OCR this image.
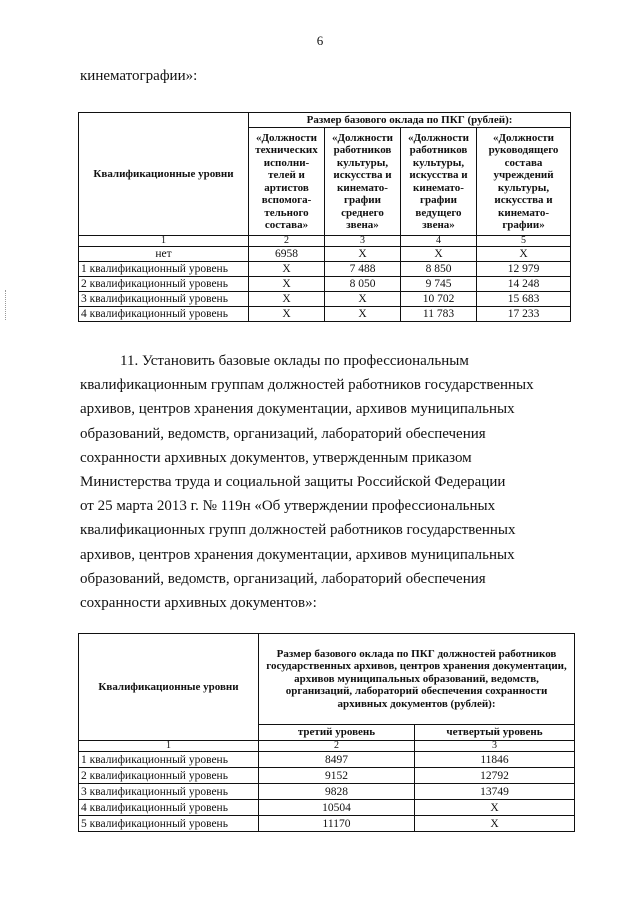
6
кинематографии»:
Квалификационные уровни	Размер базового оклада по ПКГ (рублей):			
	«Должности технических исполни-телей и артистов вспомога-тельного состава»	«Должности работников культуры, искусства и кинемато-графии среднего звена»	«Должности работников культуры, искусства и кинемато-графии ведущего звена»	«Должности руководящего состава учреждений культуры, искусства и кинемато-графии»
1	2	3	4	5
нет	6958	Х	Х	Х
1 квалификационный уровень	Х	7 488	8 850	12 979
2 квалификационный уровень	Х	8 050	9 745	14 248
3 квалификационный уровень	Х	Х	10 702	15 683
4 квалификационный уровень	Х	Х	11 783	17 233
11. Установить базовые оклады по профессиональным
квалификационным группам должностей работников государственных
архивов, центров хранения документации, архивов муниципальных
образований, ведомств, организаций, лабораторий обеспечения
сохранности архивных документов, утвержденным приказом
Министерства труда и социальной защиты Российской Федерации
от 25 марта 2013 г. № 119н «Об утверждении профессиональных
квалификационных групп должностей работников государственных
архивов, центров хранения документации, архивов муниципальных
образований, ведомств, организаций, лабораторий обеспечения
сохранности архивных документов»:
Квалификационные уровни	Размер базового оклада по ПКГ должностей работников государственных архивов, центров хранения документации, архивов муниципальных образований, ведомств, организаций, лабораторий обеспечения сохранности архивных документов (рублей):	
	третий уровень	четвертый уровень
1	2	3
1 квалификационный уровень	8497	11846
2 квалификационный уровень	9152	12792
3 квалификационный уровень	9828	13749
4 квалификационный уровень	10504	Х
5 квалификационный уровень	11170	Х
